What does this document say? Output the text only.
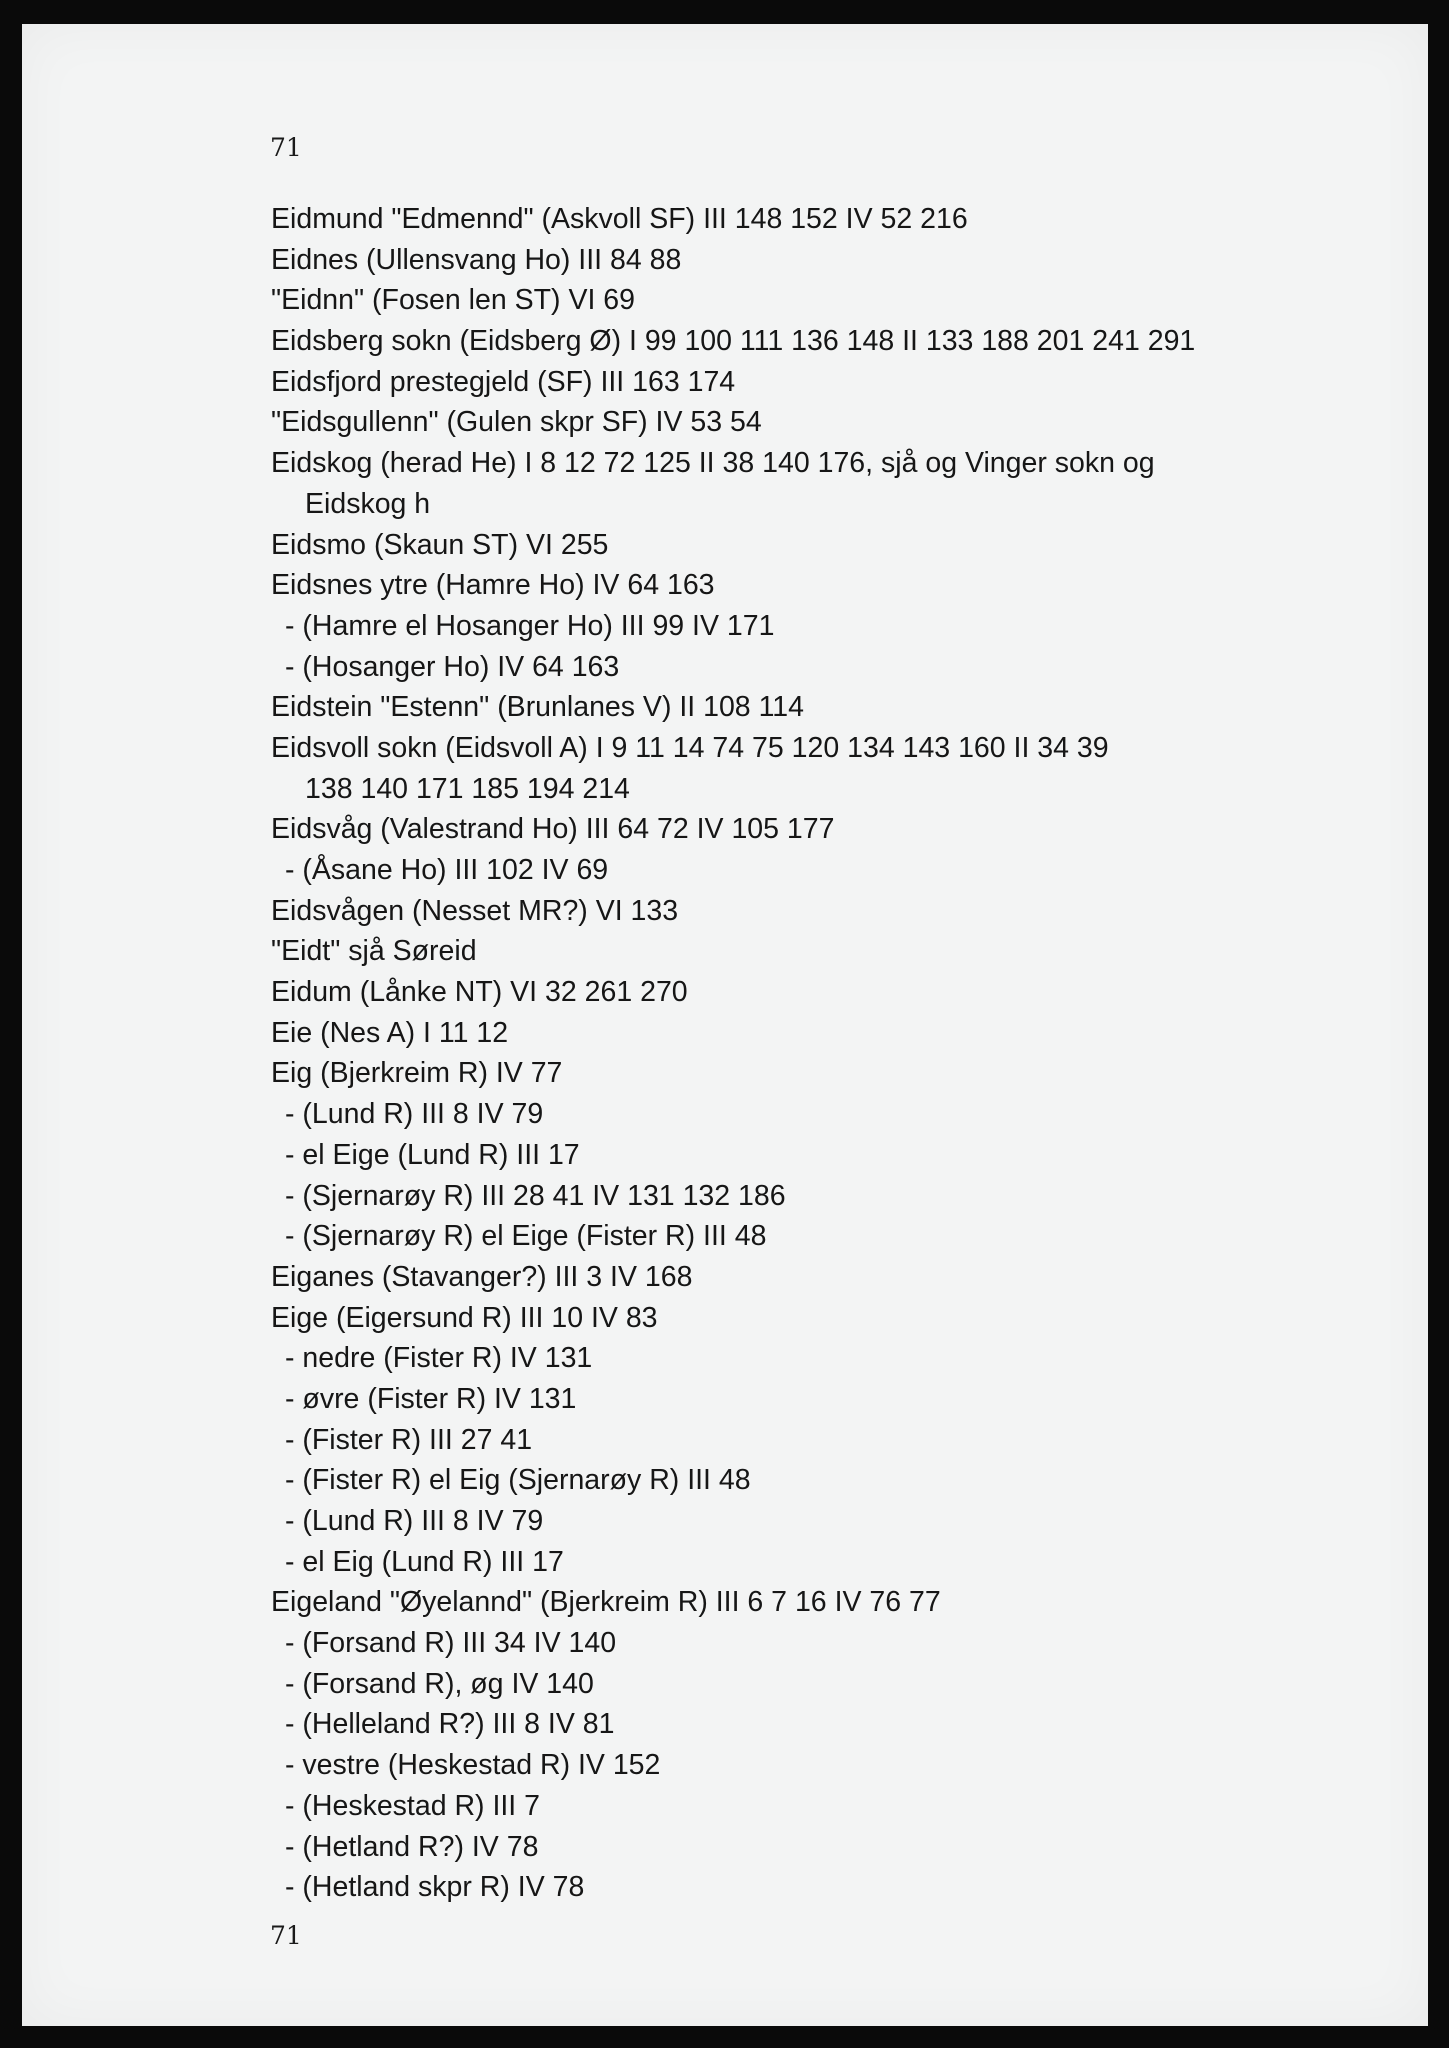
71
Eidmund "Edmennd" (Askvoll SF) III 148 152 IV 52 216
Eidnes (Ullensvang Ho) III 84 88
"Eidnn" (Fosen len ST) VI 69
Eidsberg sokn (Eidsberg Ø) I 99 100 111 136 148 II 133 188 201 241 291
Eidsfjord prestegjeld (SF) III 163 174
"Eidsgullenn" (Gulen skpr SF) IV 53 54
Eidskog (herad He) I 8 12 72 125 II 38 140 176, sjå og Vinger sokn og
Eidskog h
Eidsmo (Skaun ST) VI 255
Eidsnes ytre (Hamre Ho) IV 64 163
- (Hamre el Hosanger Ho) III 99 IV 171
- (Hosanger Ho) IV 64 163
Eidstein "Estenn" (Brunlanes V) II 108 114
Eidsvoll sokn (Eidsvoll A) I 9 11 14 74 75 120 134 143 160 II 34 39
138 140 171 185 194 214
Eidsvåg (Valestrand Ho) III 64 72 IV 105 177
- (Åsane Ho) III 102 IV 69
Eidsvågen (Nesset MR?) VI 133
"Eidt" sjå Søreid
Eidum (Lånke NT) VI 32 261 270
Eie (Nes A) I 11 12
Eig (Bjerkreim R) IV 77
- (Lund R) III 8 IV 79
- el Eige (Lund R) III 17
- (Sjernarøy R) III 28 41 IV 131 132 186
- (Sjernarøy R) el Eige (Fister R) III 48
Eiganes (Stavanger?) III 3 IV 168
Eige (Eigersund R) III 10 IV 83
- nedre (Fister R) IV 131
- øvre (Fister R) IV 131
- (Fister R) III 27 41
- (Fister R) el Eig (Sjernarøy R) III 48
- (Lund R) III 8 IV 79
- el Eig (Lund R) III 17
Eigeland "Øyelannd" (Bjerkreim R) III 6 7 16 IV 76 77
- (Forsand R) III 34 IV 140
- (Forsand R), øg IV 140
- (Helleland R?) III 8 IV 81
- vestre (Heskestad R) IV 152
- (Heskestad R) III 7
- (Hetland R?) IV 78
- (Hetland skpr R) IV 78
71
